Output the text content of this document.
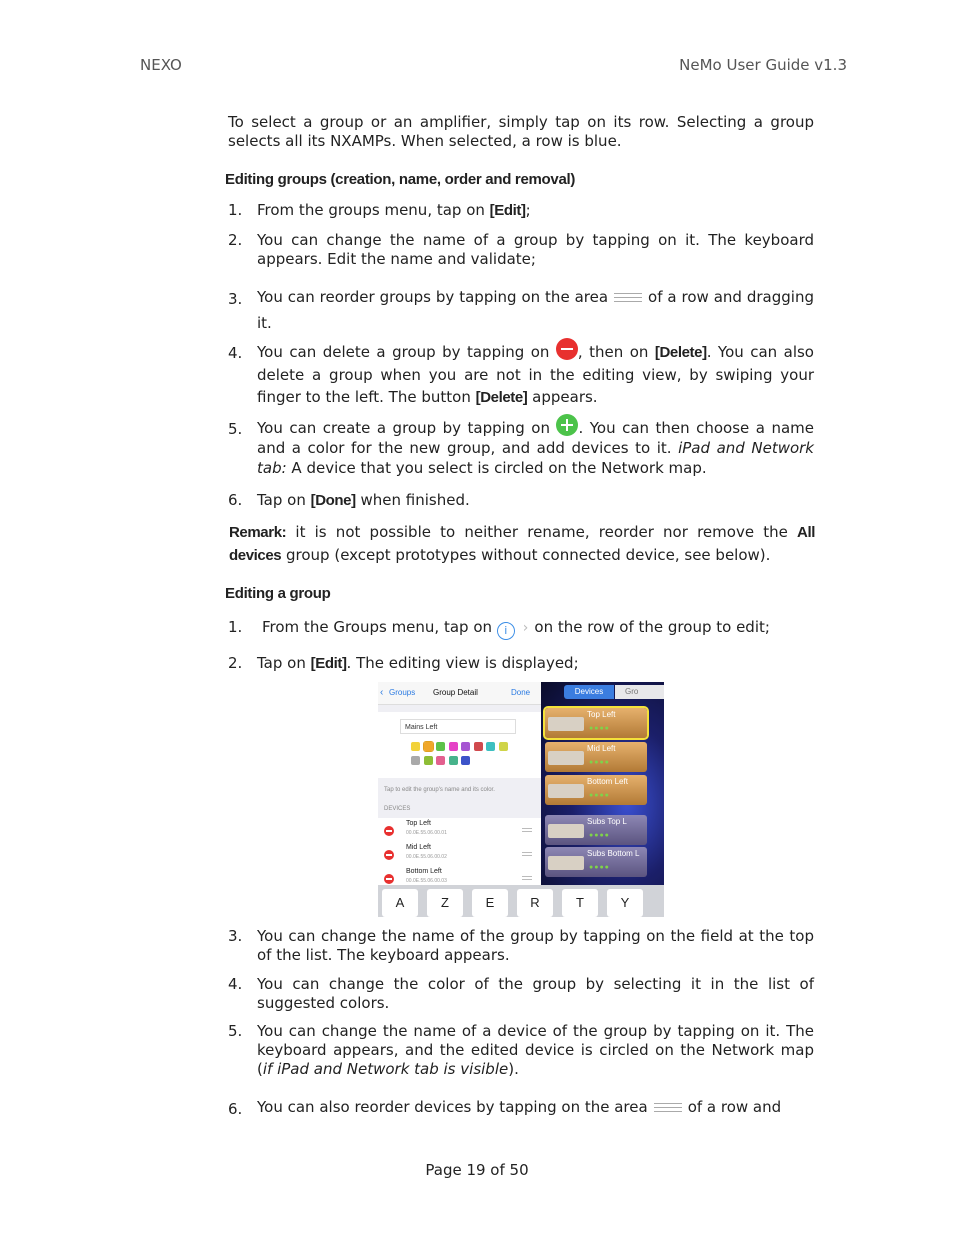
NEXO	NeMo User Guide v1.3
To select a group or an amplifier, simply tap on its row. Selecting a group selects all its NXAMPs. When selected, a row is blue.
Editing groups (creation, name, order and removal)
1. From the groups menu, tap on [Edit];
2. You can change the name of a group by tapping on it. The keyboard appears. Edit the name and validate;
3. You can reorder groups by tapping on the area	of a row and dragging it.
4. You can delete a group by tapping on , then on [Delete]. You can also delete a group when you are not in the editing view, by swiping your finger to the left. The button [Delete] appears.
5. You can create a group by tapping on . You can then choose a name and a color for the new group, and add devices to it. iPad and Network tab: A device that you select is circled on the Network map.
6. Tap on [Done] when finished.
Remark: it is not possible to neither rename, reorder nor remove the All devices group (except prototypes without connected device, see below).
Editing a group
1. From the Groups menu, tap on i › on the row of the group to edit;
2. Tap on [Edit]. The editing view is displayed;
‹ Groups Group Detail	Done
Mains Left
Tap to edit the group's name and its color.
DEVICES
Top Left
00.0E.55.06.00.01
Mid Left
00.0E.55.06.00.02
Bottom Left
00.0E.55.06.00.03
Devices	Gro
Top Left
●●●●
Mid Left
●●●●
Bottom Left
●●●●
Subs Top L
●●●●
Subs Bottom L
●●●●
A	Z	E	R	T	Y
3. You can change the name of the group by tapping on the field at the top of the list. The keyboard appears.
4. You can change the color of the group by selecting it in the list of suggested colors.
5. You can change the name of a device of the group by tapping on it. The keyboard appears, and the edited device is circled on the Network map (if iPad and Network tab is visible).
6. You can also reorder devices by tapping on the area	of a row and
Page 19 of 50
